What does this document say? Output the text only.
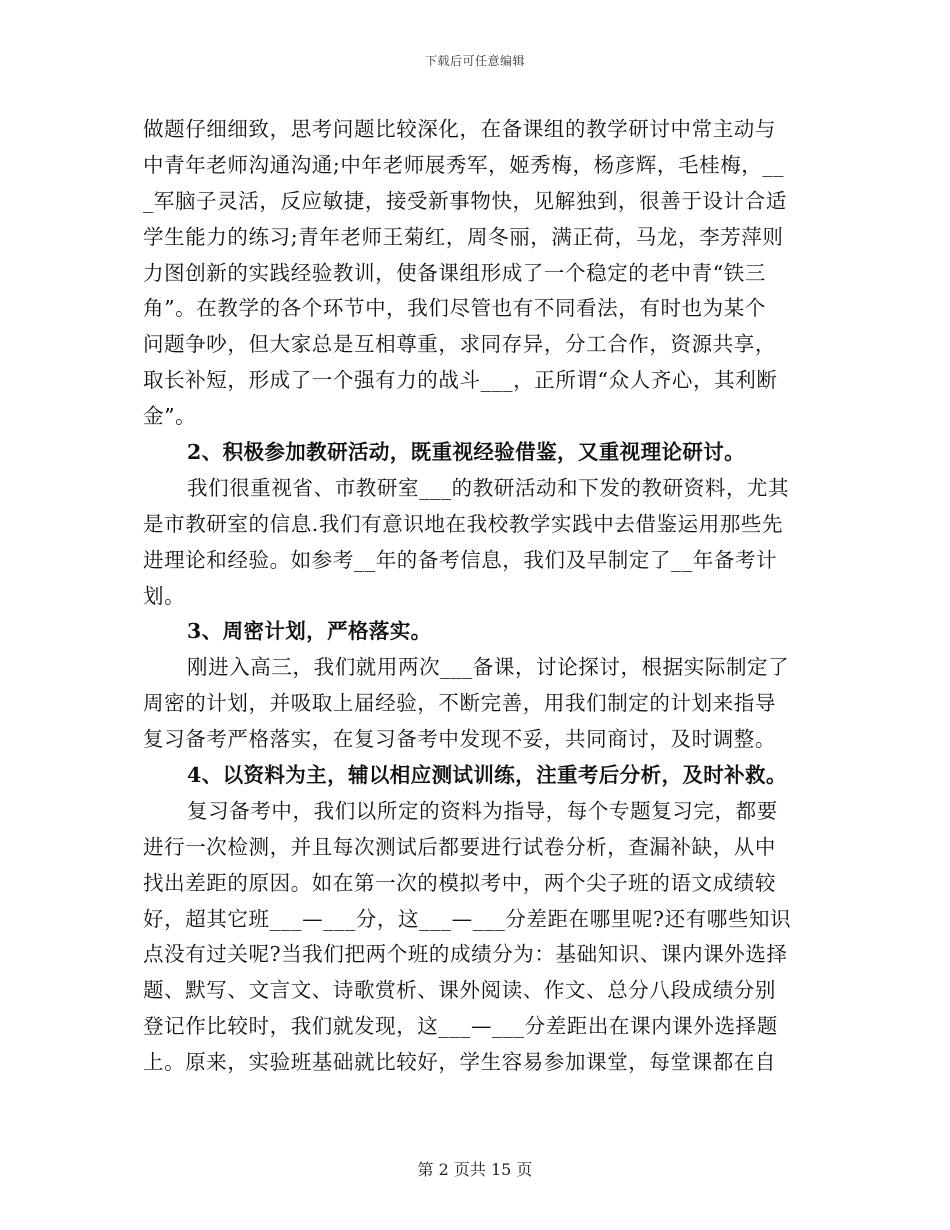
下载后可任意编辑
做题仔细细致，思考问题比较深化，在备课组的教学研讨中常主动与
中青年老师沟通沟通;中年老师展秀军，姬秀梅，杨彦辉，毛桂梅，__
_军脑子灵活，反应敏捷，接受新事物快，见解独到，很善于设计合适
学生能力的练习;青年老师王菊红，周冬丽，满正荷，马龙，李芳萍则
力图创新的实践经验教训，使备课组形成了一个稳定的老中青“铁三
角”。在教学的各个环节中，我们尽管也有不同看法，有时也为某个
问题争吵，但大家总是互相尊重，求同存异，分工合作，资源共享，
取长补短，形成了一个强有力的战斗___，正所谓“众人齐心，其利断
金”。
2、积极参加教研活动，既重视经验借鉴，又重视理论研讨。
我们很重视省、市教研室___的教研活动和下发的教研资料，尤其
是市教研室的信息.我们有意识地在我校教学实践中去借鉴运用那些先
进理论和经验。如参考__年的备考信息，我们及早制定了__年备考计
划。
3、周密计划，严格落实。
刚进入高三，我们就用两次___备课，讨论探讨，根据实际制定了
周密的计划，并吸取上届经验，不断完善，用我们制定的计划来指导
复习备考严格落实，在复习备考中发现不妥，共同商讨，及时调整。
4、以资料为主，辅以相应测试训练，注重考后分析，及时补救。
复习备考中，我们以所定的资料为指导，每个专题复习完，都要
进行一次检测，并且每次测试后都要进行试卷分析，查漏补缺，从中
找出差距的原因。如在第一次的模拟考中，两个尖子班的语文成绩较
好，超其它班___—___分，这___—___分差距在哪里呢?还有哪些知识
点没有过关呢?当我们把两个班的成绩分为：基础知识、课内课外选择
题、默写、文言文、诗歌赏析、课外阅读、作文、总分八段成绩分别
登记作比较时，我们就发现，这___—___分差距出在课内课外选择题
上。原来，实验班基础就比较好，学生容易参加课堂，每堂课都在自
第 2 页共 15 页
